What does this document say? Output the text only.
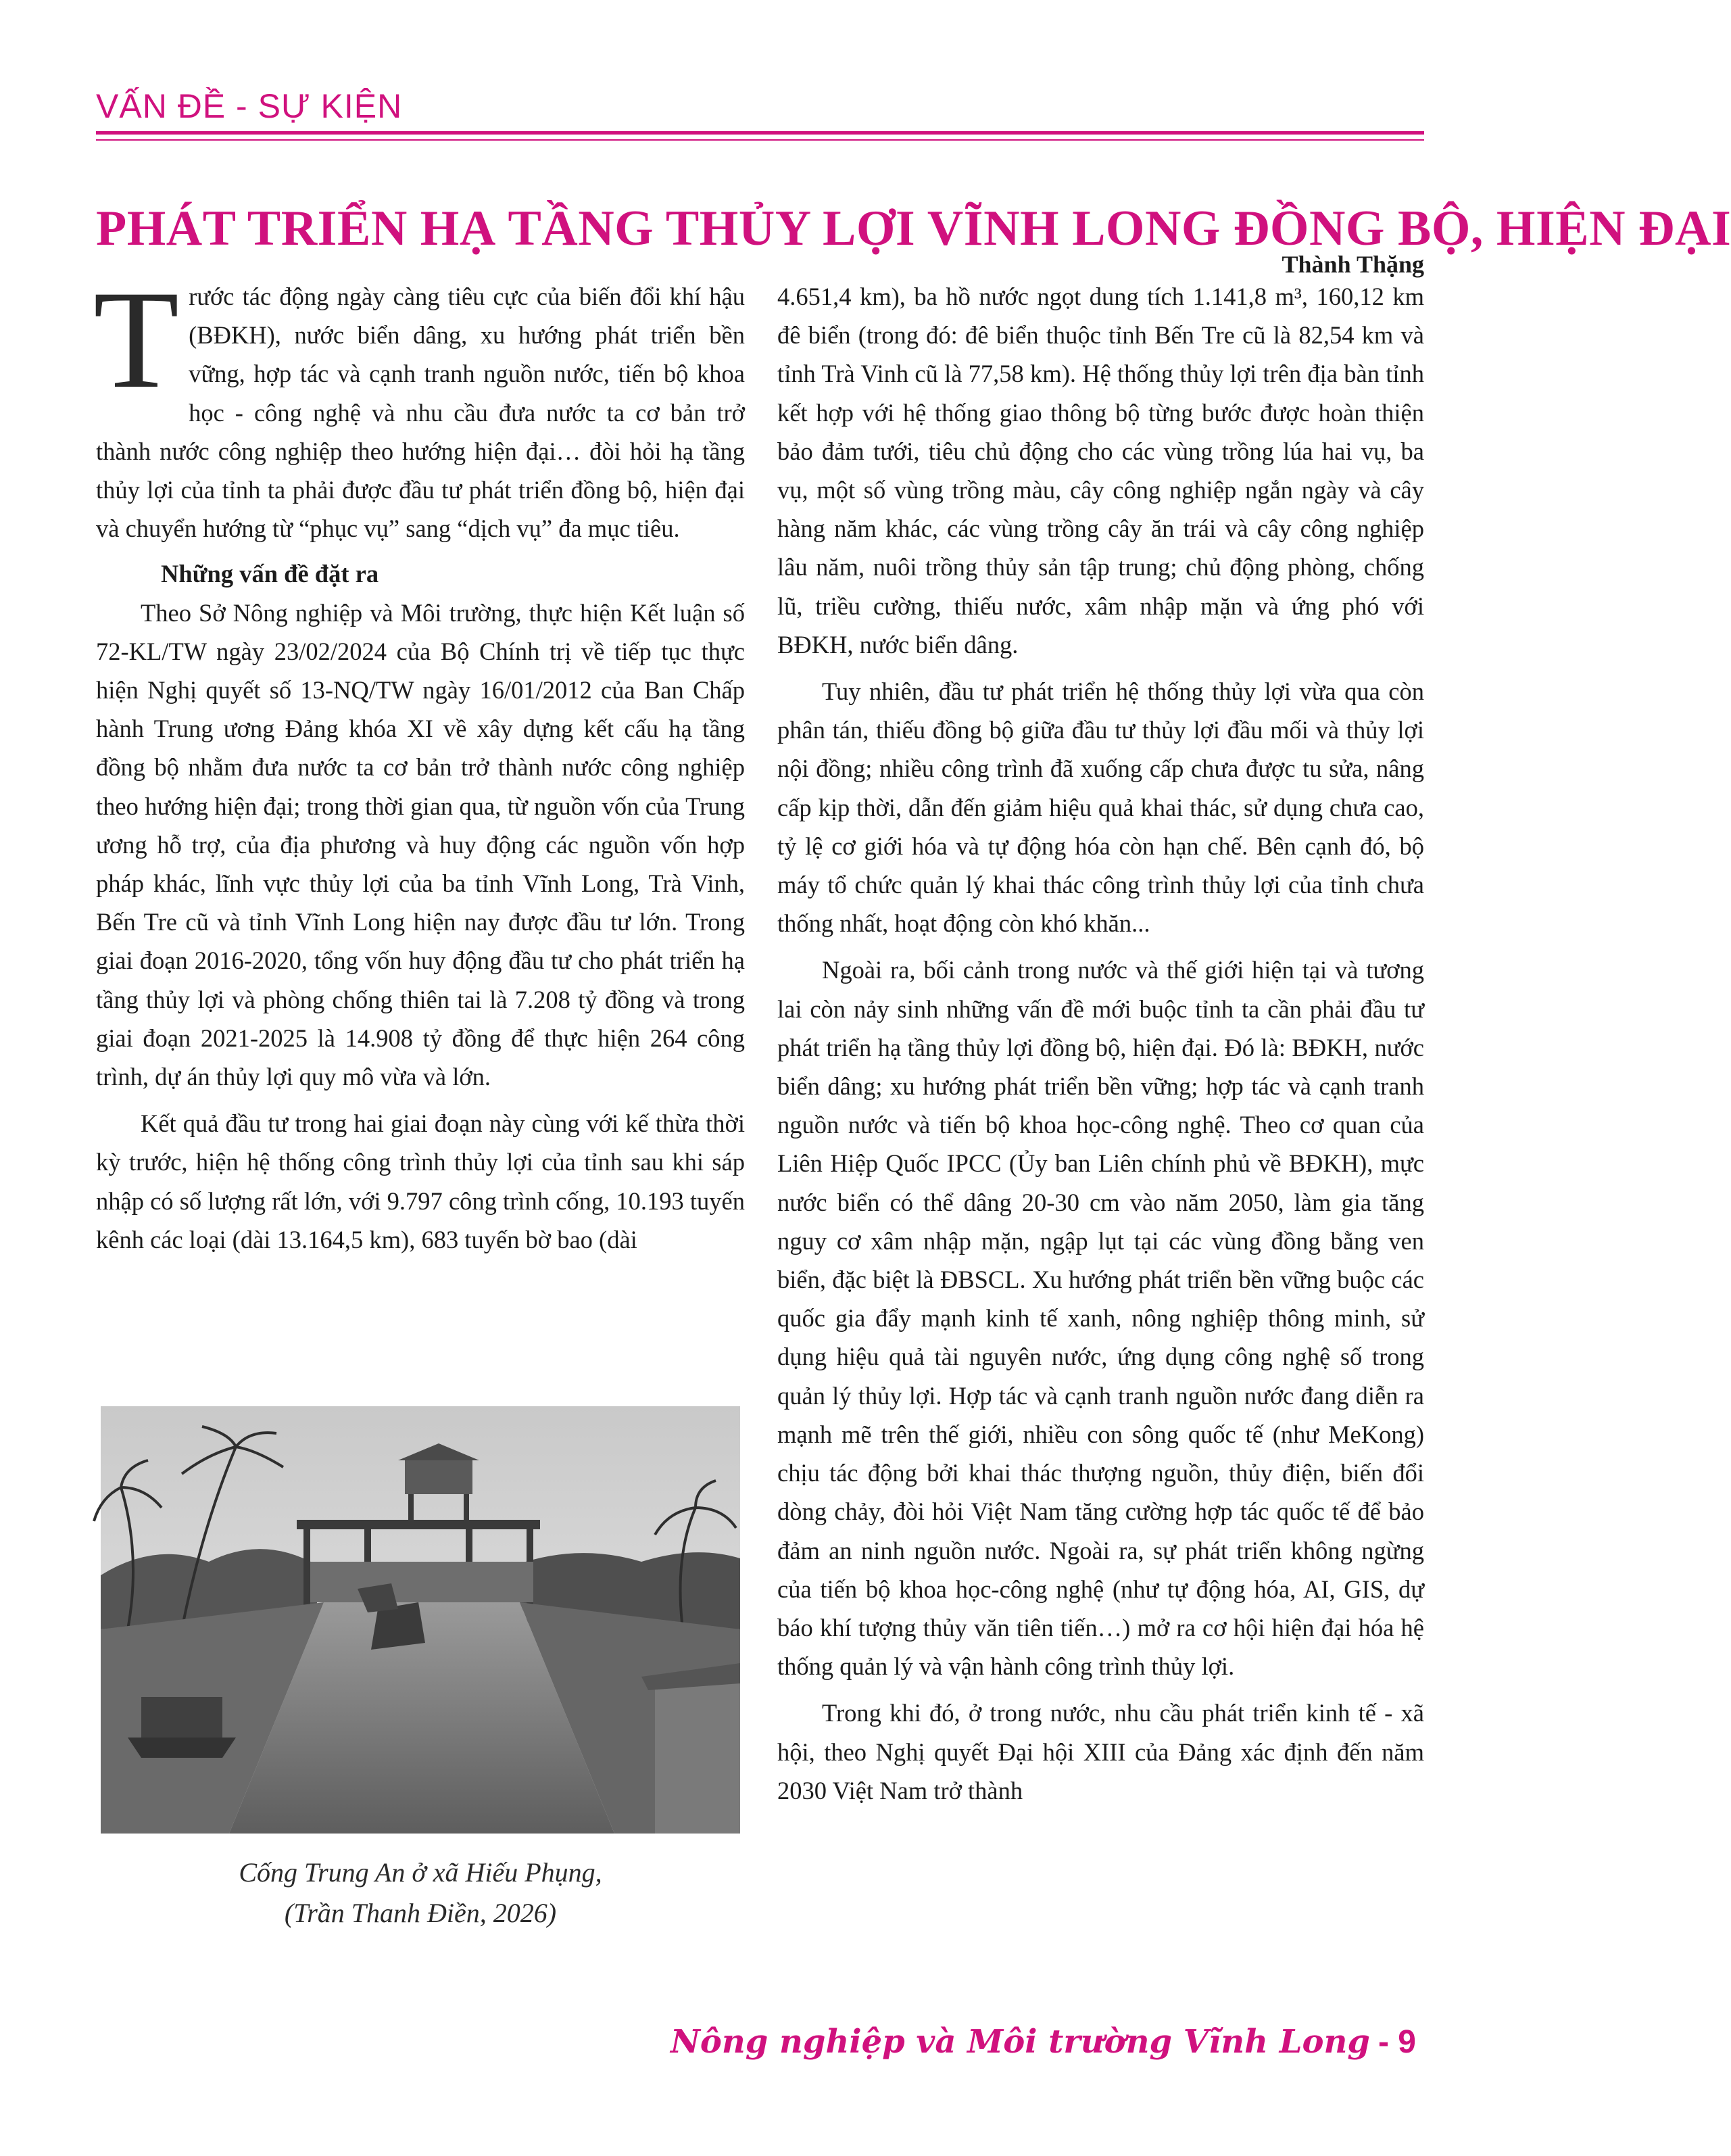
VẤN ĐỀ - SỰ KIỆN
PHÁT TRIỂN HẠ TẦNG THỦY LỢI VĨNH LONG ĐỒNG BỘ, HIỆN ĐẠI
Thành Thặng

Trước tác động ngày càng tiêu cực của biến đổi khí hậu (BĐKH), nước biển dâng, xu hướng phát triển bền vững, hợp tác và cạnh tranh nguồn nước, tiến bộ khoa học - công nghệ và nhu cầu đưa nước ta cơ bản trở thành nước công nghiệp theo hướng hiện đại… đòi hỏi hạ tầng thủy lợi của tỉnh ta phải được đầu tư phát triển đồng bộ, hiện đại và chuyển hướng từ “phục vụ” sang “dịch vụ” đa mục tiêu.

Những vấn đề đặt ra

Theo Sở Nông nghiệp và Môi trường, thực hiện Kết luận số 72-KL/TW ngày 23/02/2024 của Bộ Chính trị về tiếp tục thực hiện Nghị quyết số 13-NQ/TW ngày 16/01/2012 của Ban Chấp hành Trung ương Đảng khóa XI về xây dựng kết cấu hạ tầng đồng bộ nhằm đưa nước ta cơ bản trở thành nước công nghiệp theo hướng hiện đại; trong thời gian qua, từ nguồn vốn của Trung ương hỗ trợ, của địa phương và huy động các nguồn vốn hợp pháp khác, lĩnh vực thủy lợi của ba tỉnh Vĩnh Long, Trà Vinh, Bến Tre cũ và tỉnh Vĩnh Long hiện nay được đầu tư lớn. Trong giai đoạn 2016-2020, tổng vốn huy động đầu tư cho phát triển hạ tầng thủy lợi và phòng chống thiên tai là 7.208 tỷ đồng và trong giai đoạn 2021-2025 là 14.908 tỷ đồng để thực hiện 264 công trình, dự án thủy lợi quy mô vừa và lớn.

Kết quả đầu tư trong hai giai đoạn này cùng với kế thừa thời kỳ trước, hiện hệ thống công trình thủy lợi của tỉnh sau khi sáp nhập có số lượng rất lớn, với 9.797 công trình cống, 10.193 tuyến kênh các loại (dài 13.164,5 km), 683 tuyến bờ bao (dài

Cống Trung An ở xã Hiếu Phụng,
(Trần Thanh Điền, 2026)

4.651,4 km), ba hồ nước ngọt dung tích 1.141,8 m³, 160,12 km đê biển (trong đó: đê biển thuộc tỉnh Bến Tre cũ là 82,54 km và tỉnh Trà Vinh cũ là 77,58 km). Hệ thống thủy lợi trên địa bàn tỉnh kết hợp với hệ thống giao thông bộ từng bước được hoàn thiện bảo đảm tưới, tiêu chủ động cho các vùng trồng lúa hai vụ, ba vụ, một số vùng trồng màu, cây công nghiệp ngắn ngày và cây hàng năm khác, các vùng trồng cây ăn trái và cây công nghiệp lâu năm, nuôi trồng thủy sản tập trung; chủ động phòng, chống lũ, triều cường, thiếu nước, xâm nhập mặn và ứng phó với BĐKH, nước biển dâng.

Tuy nhiên, đầu tư phát triển hệ thống thủy lợi vừa qua còn phân tán, thiếu đồng bộ giữa đầu tư thủy lợi đầu mối và thủy lợi nội đồng; nhiều công trình đã xuống cấp chưa được tu sửa, nâng cấp kịp thời, dẫn đến giảm hiệu quả khai thác, sử dụng chưa cao, tỷ lệ cơ giới hóa và tự động hóa còn hạn chế. Bên cạnh đó, bộ máy tổ chức quản lý khai thác công trình thủy lợi của tỉnh chưa thống nhất, hoạt động còn khó khăn...

Ngoài ra, bối cảnh trong nước và thế giới hiện tại và tương lai còn nảy sinh những vấn đề mới buộc tỉnh ta cần phải đầu tư phát triển hạ tầng thủy lợi đồng bộ, hiện đại. Đó là: BĐKH, nước biển dâng; xu hướng phát triển bền vững; hợp tác và cạnh tranh nguồn nước và tiến bộ khoa học-công nghệ. Theo cơ quan của Liên Hiệp Quốc IPCC (Ủy ban Liên chính phủ về BĐKH), mực nước biển có thể dâng 20-30 cm vào năm 2050, làm gia tăng nguy cơ xâm nhập mặn, ngập lụt tại các vùng đồng bằng ven biển, đặc biệt là ĐBSCL. Xu hướng phát triển bền vững buộc các quốc gia đẩy mạnh kinh tế xanh, nông nghiệp thông minh, sử dụng hiệu quả tài nguyên nước, ứng dụng công nghệ số trong quản lý thủy lợi. Hợp tác và cạnh tranh nguồn nước đang diễn ra mạnh mẽ trên thế giới, nhiều con sông quốc tế (như MeKong) chịu tác động bởi khai thác thượng nguồn, thủy điện, biến đổi dòng chảy, đòi hỏi Việt Nam tăng cường hợp tác quốc tế để bảo đảm an ninh nguồn nước. Ngoài ra, sự phát triển không ngừng của tiến bộ khoa học-công nghệ (như tự động hóa, AI, GIS, dự báo khí tượng thủy văn tiên tiến…) mở ra cơ hội hiện đại hóa hệ thống quản lý và vận hành công trình thủy lợi.

Trong khi đó, ở trong nước, nhu cầu phát triển kinh tế - xã hội, theo Nghị quyết Đại hội XIII của Đảng xác định đến năm 2030 Việt Nam trở thành

Nông nghiệp và Môi trường Vĩnh Long - 9
